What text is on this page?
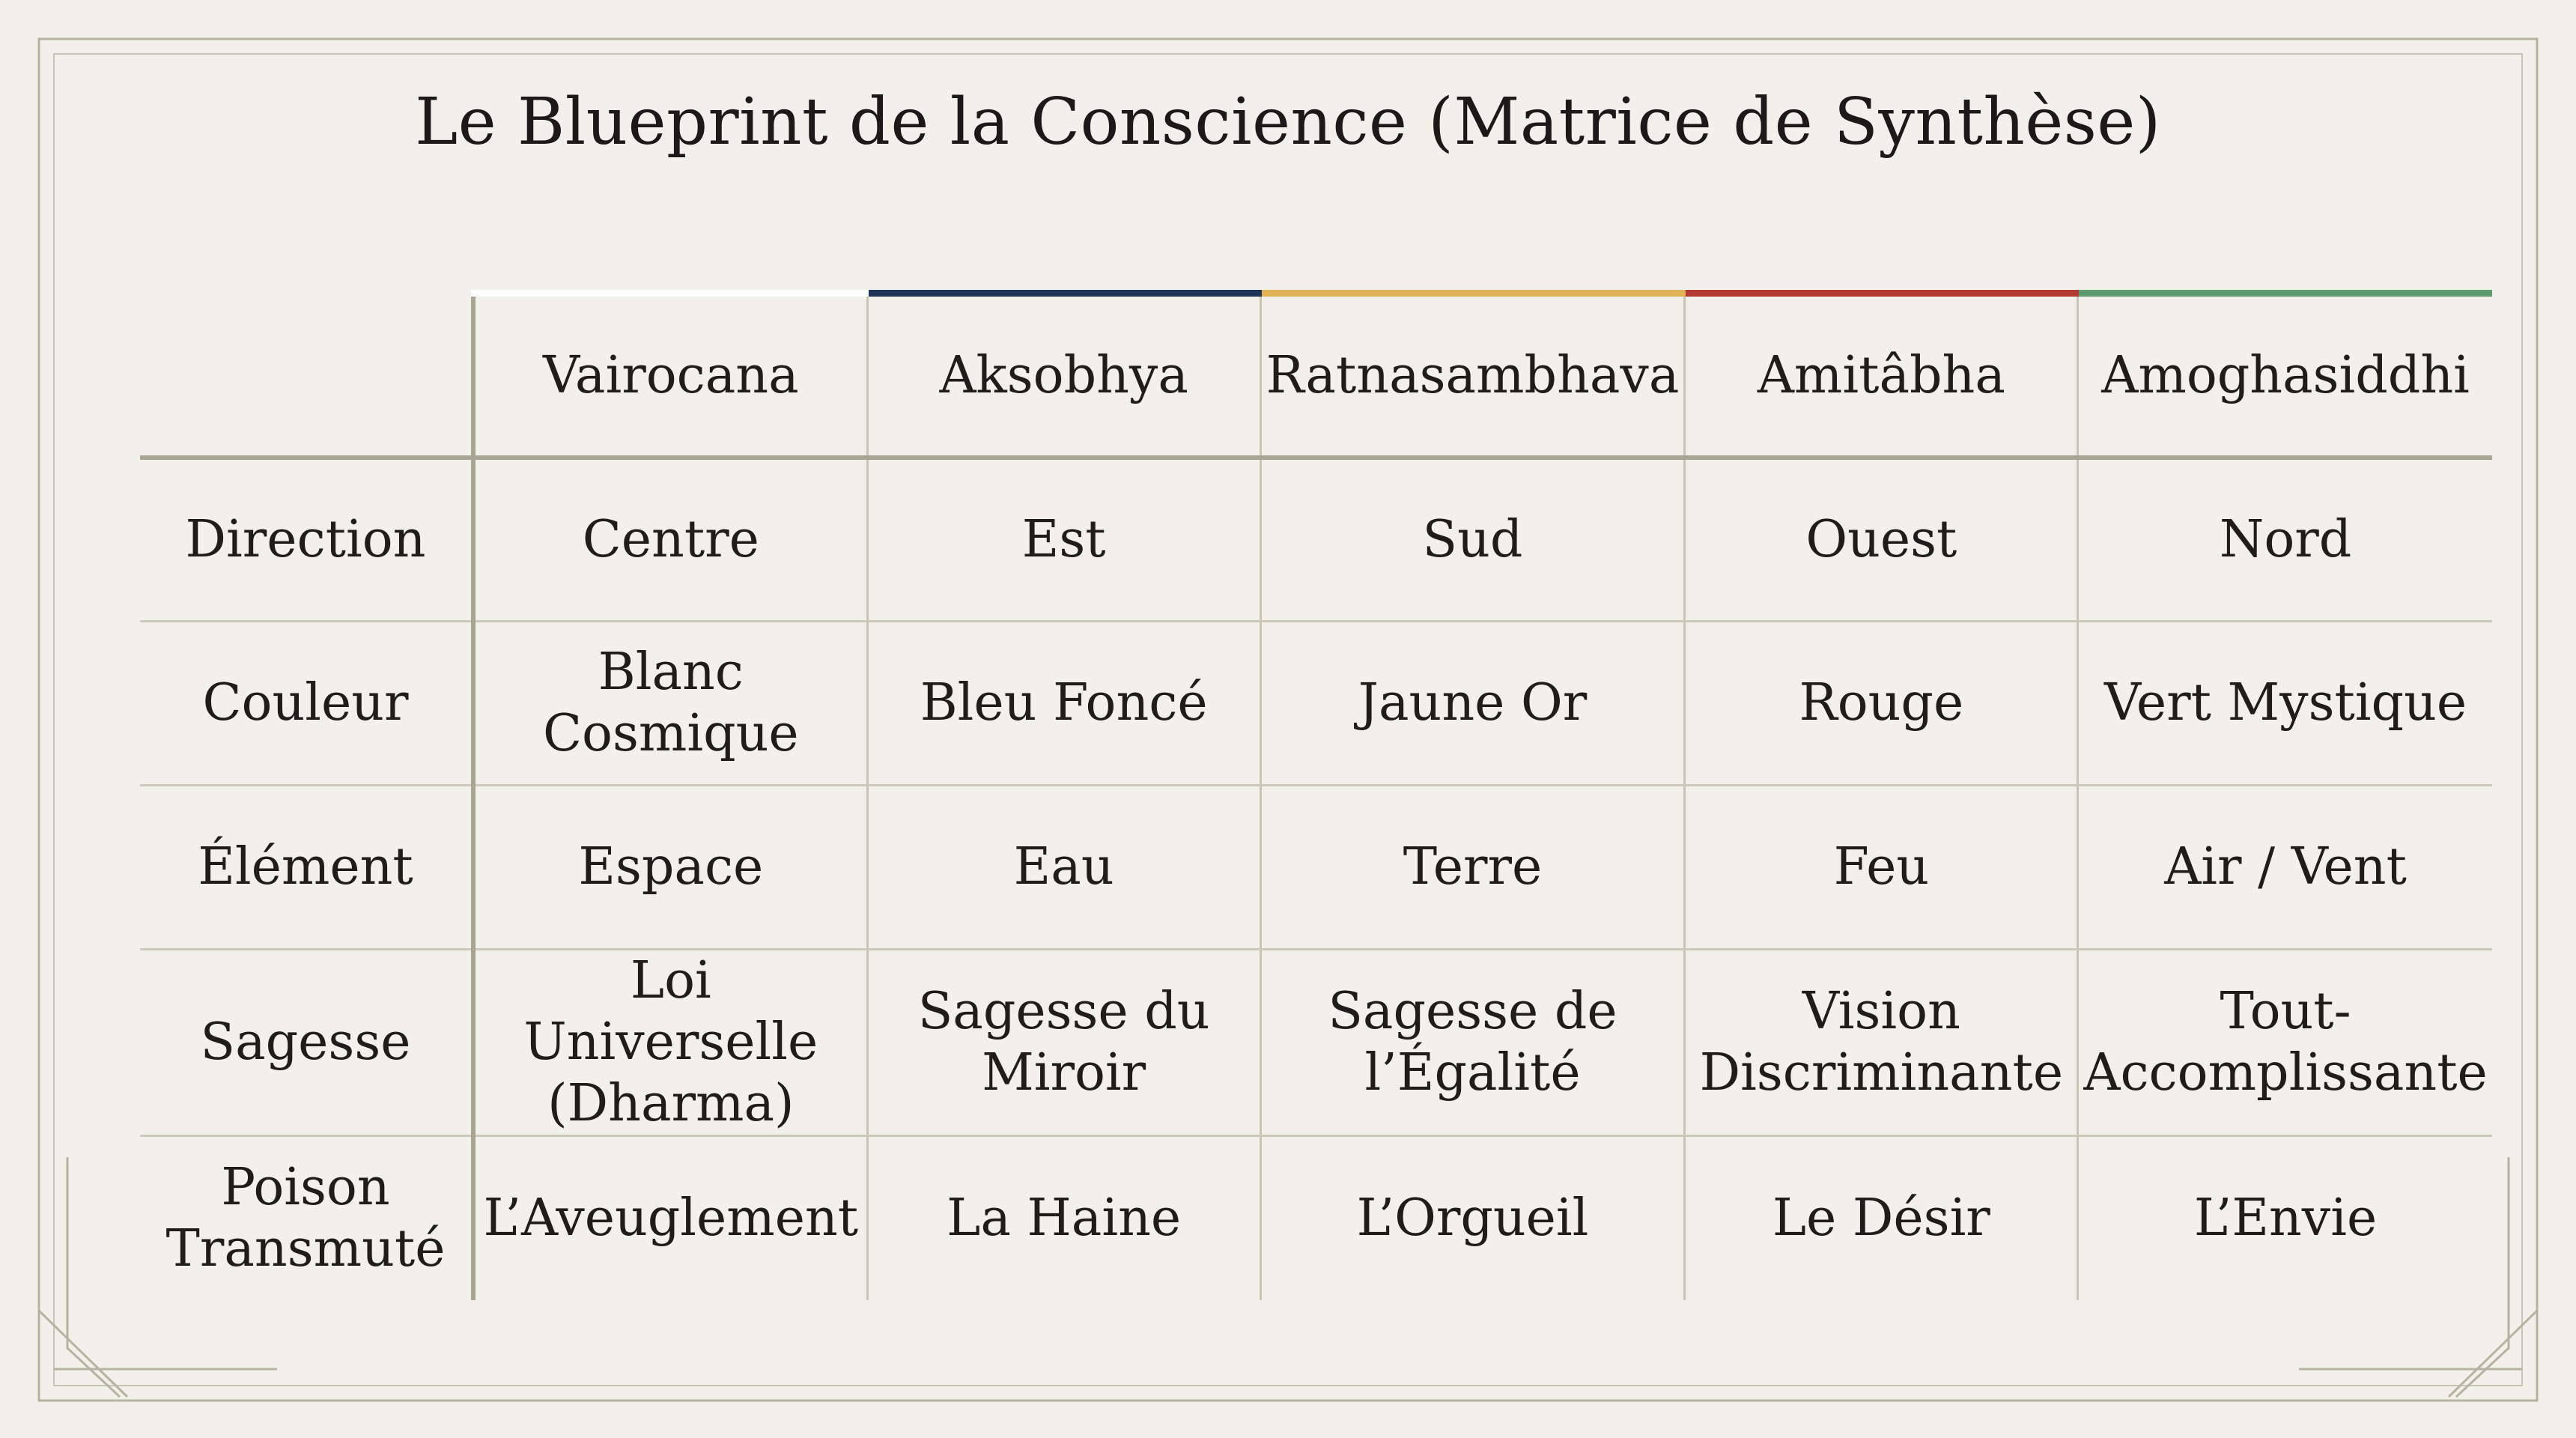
Le Blueprint de la Conscience (Matrice de Synthèse)
	Vairocana	Aksobhya	Ratnasambhava	Amitâbha	Amoghasiddhi
Direction	Centre	Est	Sud	Ouest	Nord
Couleur	Blanc Cosmique	Bleu Foncé	Jaune Or	Rouge	Vert Mystique
Élément	Espace	Eau	Terre	Feu	Air / Vent
Sagesse	Loi Universelle (Dharma)	Sagesse du Miroir	Sagesse de l’Égalité	Vision Discriminante	Tout-Accomplissante
Poison Transmuté	L’Aveuglement	La Haine	L’Orgueil	Le Désir	L’Envie
